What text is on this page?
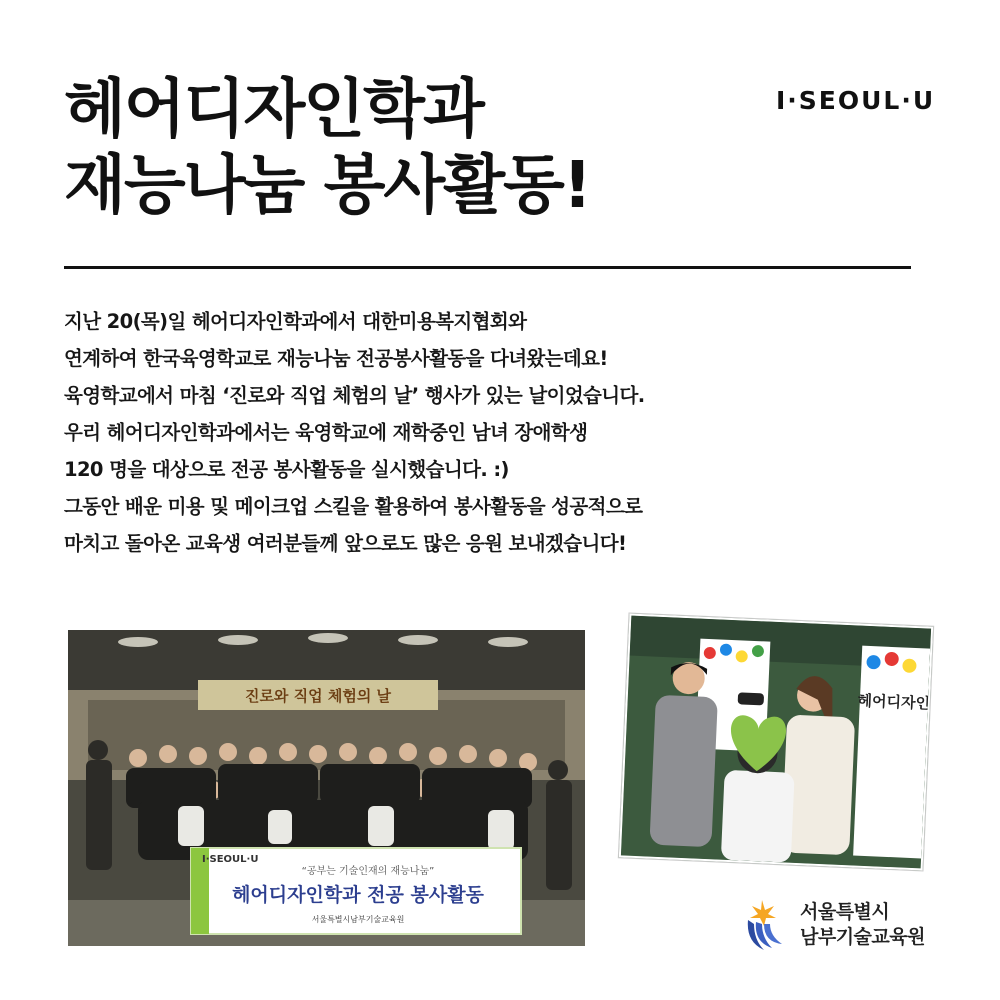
헤어디자인학과
재능나눔 봉사활동!
I·SEOUL·U
지난 20(목)일 헤어디자인학과에서 대한미용복지협회와
연계하여 한국육영학교로 재능나눔 전공봉사활동을 다녀왔는데요!
육영학교에서 마침 ‘진로와 직업 체험의 날’ 행사가 있는 날이었습니다.
우리 헤어디자인학과에서는 육영학교에 재학중인 남녀 장애학생
120 명을 대상으로 전공 봉사활동을 실시했습니다. :)
그동안 배운 미용 및 메이크업 스킬을 활용하여 봉사활동을 성공적으로
마치고 돌아온 교육생 여러분들께 앞으로도 많은 응원 보내겠습니다!
진로와 직업 체험의 날
I·SEOUL·U
“공부는 기술인재의 재능나눔”
헤어디자인학과 전공 봉사활동
서울특별시남부기술교육원
헤어디자인
서울특별시
남부기술교육원
